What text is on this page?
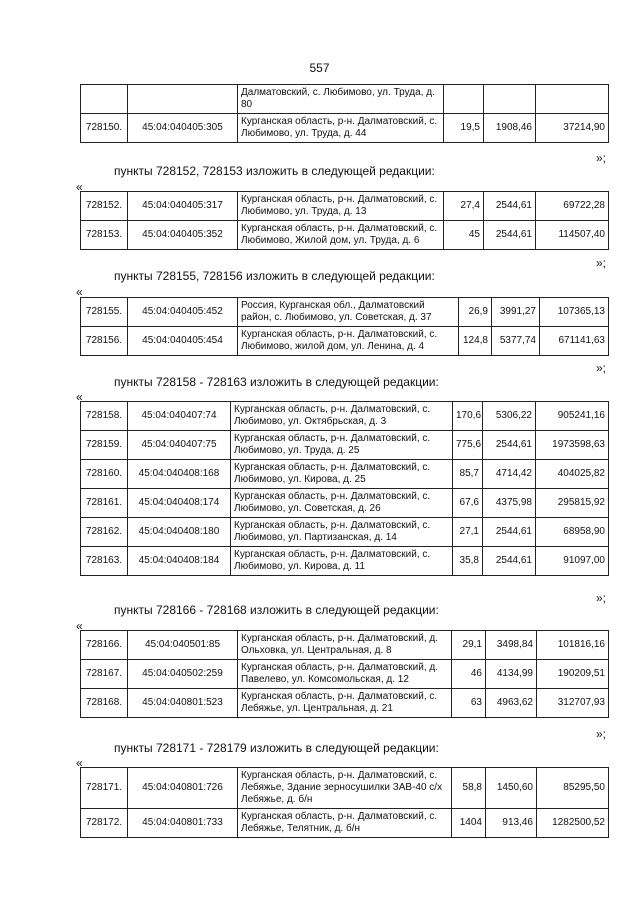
557
		Далматовский, с. Любимово, ул. Труда, д. 80			
728150.	45:04:040405:305	Курганская область, р-н. Далматовский, с. Любимово, ул. Труда, д. 44	19,5	1908,46	37214,90
»;
пункты 728152, 728153 изложить в следующей редакции:
«
728152.	45:04:040405:317	Курганская область, р-н. Далматовский, с. Любимово, ул. Труда, д. 13	27,4	2544,61	69722,28
728153.	45:04:040405:352	Курганская область, р-н. Далматовский, с. Любимово, Жилой дом, ул. Труда, д. 6	45	2544,61	114507,40
»;
пункты 728155, 728156 изложить в следующей редакции:
«
728155.	45:04:040405:452	Россия, Курганская обл., Далматовский район, с. Любимово, ул. Советская, д. 37	26,9	3991,27	107365,13
728156.	45:04:040405:454	Курганская область, р-н. Далматовский, с. Любимово, жилой дом, ул. Ленина, д. 4	124,8	5377,74	671141,63
»;
пункты 728158 - 728163 изложить в следующей редакции:
«
728158.	45:04:040407:74	Курганская область, р-н. Далматовский, с. Любимово, ул. Октябрьская, д. 3	170,6	5306,22	905241,16
728159.	45:04:040407:75	Курганская область, р-н. Далматовский, с. Любимово, ул. Труда, д. 25	775,6	2544,61	1973598,63
728160.	45:04:040408:168	Курганская область, р-н. Далматовский, с. Любимово, ул. Кирова, д. 25	85,7	4714,42	404025,82
728161.	45:04:040408:174	Курганская область, р-н. Далматовский, с. Любимово, ул. Советская, д. 26	67,6	4375,98	295815,92
728162.	45:04:040408:180	Курганская область, р-н. Далматовский, с. Любимово, ул. Партизанская, д. 14	27,1	2544,61	68958,90
728163.	45:04:040408:184	Курганская область, р-н. Далматовский, с. Любимово, ул. Кирова, д. 11	35,8	2544,61	91097,00
»;
пункты 728166 - 728168 изложить в следующей редакции:
«
728166.	45:04:040501:85	Курганская область, р-н. Далматовский, д. Ольховка, ул. Центральная, д. 8	29,1	3498,84	101816,16
728167.	45:04:040502:259	Курганская область, р-н. Далматовский, д. Павелево, ул. Комсомольская, д. 12	46	4134,99	190209,51
728168.	45:04:040801:523	Курганская область, р-н. Далматовский, с. Лебяжье, ул. Центральная, д. 21	63	4963,62	312707,93
»;
пункты 728171 - 728179 изложить в следующей редакции:
«
728171.	45:04:040801:726	Курганская область, р-н. Далматовский, с. Лебяжье, Здание зерносушилки ЗАВ-40 с/х Лебяжье, д. б/н	58,8	1450,60	85295,50
728172.	45:04:040801:733	Курганская область, р-н. Далматовский, с. Лебяжье, Телятник, д. б/н	1404	913,46	1282500,52
